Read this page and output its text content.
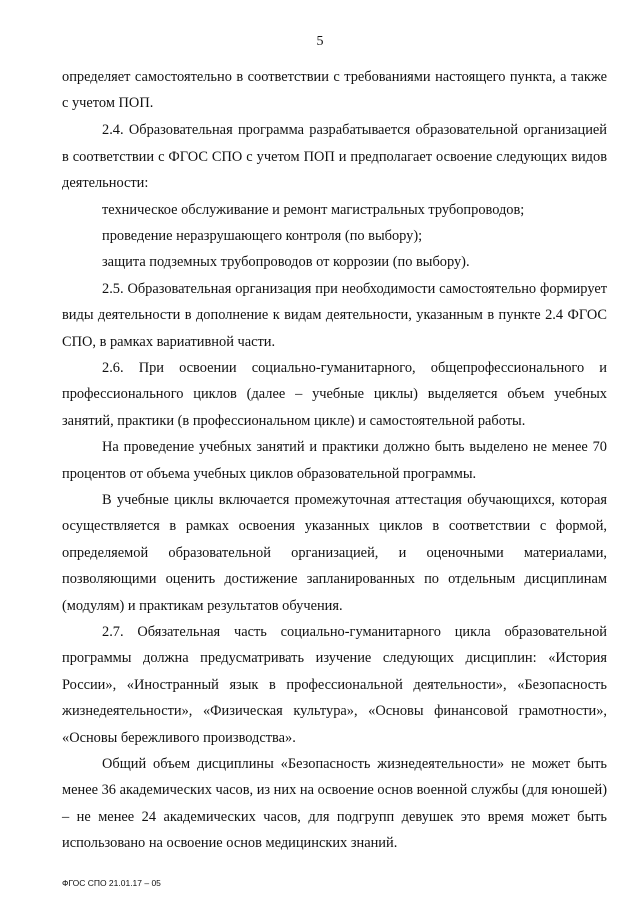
5

определяет самостоятельно в соответствии с требованиями настоящего пункта, а также с учетом ПОП.

2.4. Образовательная программа разрабатывается образовательной организацией в соответствии с ФГОС СПО с учетом ПОП и предполагает освоение следующих видов деятельности:

техническое обслуживание и ремонт магистральных трубопроводов;

проведение неразрушающего контроля (по выбору);

защита подземных трубопроводов от коррозии (по выбору).

2.5. Образовательная организация при необходимости самостоятельно формирует виды деятельности в дополнение к видам деятельности, указанным в пункте 2.4 ФГОС СПО, в рамках вариативной части.

2.6. При освоении социально-гуманитарного, общепрофессионального и профессионального циклов (далее – учебные циклы) выделяется объем учебных занятий, практики (в профессиональном цикле) и самостоятельной работы.

На проведение учебных занятий и практики должно быть выделено не менее 70 процентов от объема учебных циклов образовательной программы.

В учебные циклы включается промежуточная аттестация обучающихся, которая осуществляется в рамках освоения указанных циклов в соответствии с формой, определяемой образовательной организацией, и оценочными материалами, позволяющими оценить достижение запланированных по отдельным дисциплинам (модулям) и практикам результатов обучения.

2.7. Обязательная часть социально-гуманитарного цикла образовательной программы должна предусматривать изучение следующих дисциплин: «История России», «Иностранный язык в профессиональной деятельности», «Безопасность жизнедеятельности», «Физическая культура», «Основы финансовой грамотности», «Основы бережливого производства».

Общий объем дисциплины «Безопасность жизнедеятельности» не может быть менее 36 академических часов, из них на освоение основ военной службы (для юношей) – не менее 24 академических часов, для подгрупп девушек это время может быть использовано на освоение основ медицинских знаний.

ФГОС СПО 21.01.17 – 05
